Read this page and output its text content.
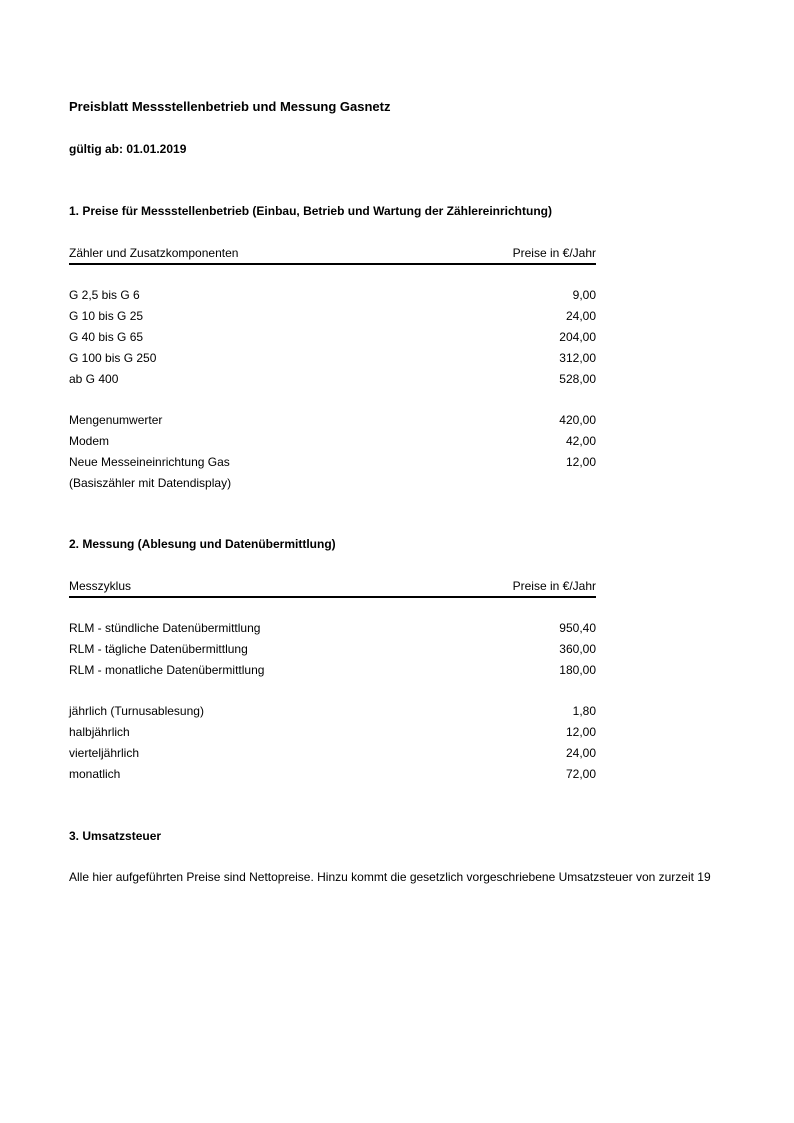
Preisblatt Messstellenbetrieb und Messung Gasnetz
gültig ab: 01.01.2019
1. Preise für Messstellenbetrieb (Einbau, Betrieb und Wartung der Zählereinrichtung)
Zähler und Zusatzkomponenten	Preise in €/Jahr
G 2,5 bis G 6	9,00
G 10 bis G 25	24,00
G 40 bis G 65	204,00
G 100 bis G 250	312,00
ab G 400	528,00
Mengenumwerter	420,00
Modem	42,00
Neue Messeineinrichtung Gas	12,00
(Basiszähler mit Datendisplay)
2. Messung (Ablesung und Datenübermittlung)
Messzyklus	Preise in €/Jahr
RLM - stündliche Datenübermittlung	950,40
RLM - tägliche Datenübermittlung	360,00
RLM - monatliche Datenübermittlung	180,00
jährlich (Turnusablesung)	1,80
halbjährlich	12,00
vierteljährlich	24,00
monatlich	72,00
3. Umsatzsteuer
Alle hier aufgeführten Preise sind Nettopreise. Hinzu kommt die gesetzlich vorgeschriebene Umsatzsteuer von zurzeit 19
